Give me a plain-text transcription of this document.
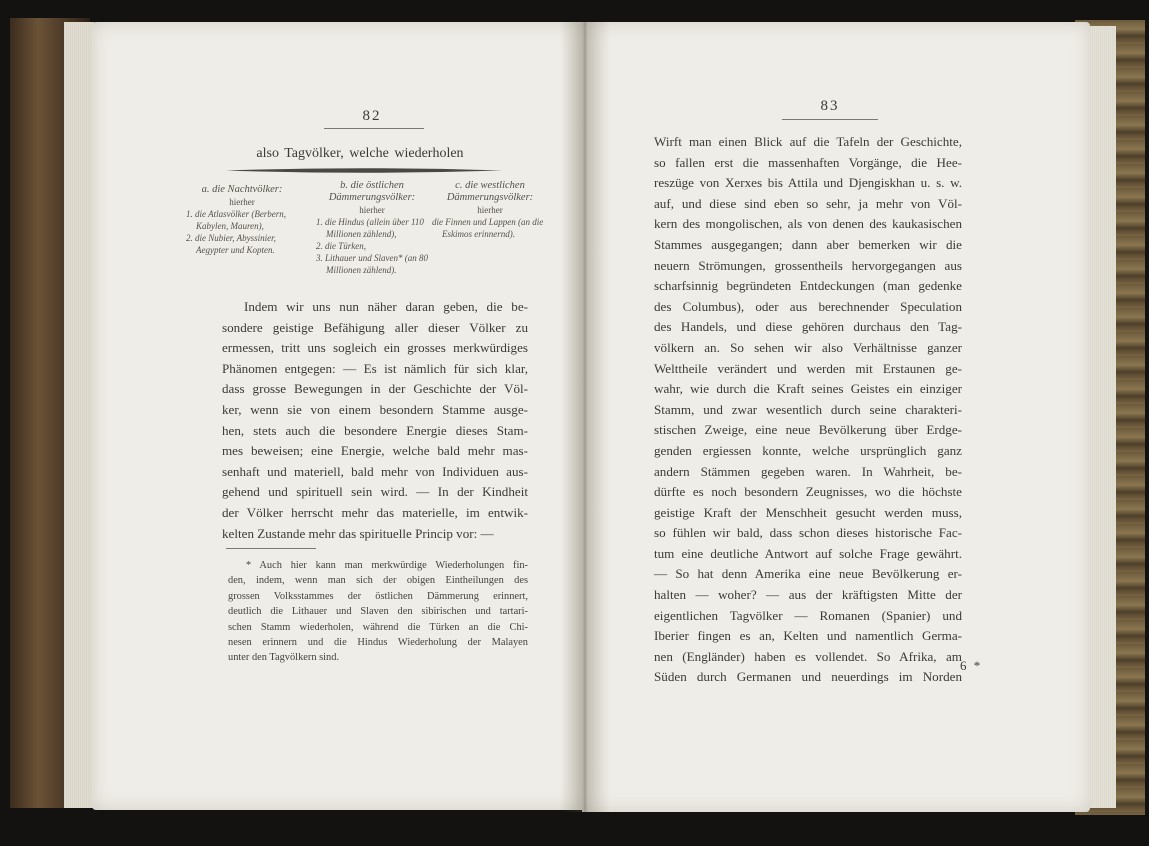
82
also Tagvölker, welche wiederholen
a. die Nachtvölker:
hierher
1. die Atlasvölker (Berbern, Kabylen, Mauren),
2. die Nubier, Abyssinier, Aegypter und Kopten.
b. die östlichen Dämmerungsvölker:
hierher
1. die Hindus (allein über 110 Millionen zählend),
2. die Türken,
3. Lithauer und Slaven* (an 80 Millionen zählend).
c. die westlichen Dämmerungsvölker:
hierher
die Finnen und Lappen (an die Eskimos erinnernd).
Indem wir uns nun näher daran geben, die be-
sondere geistige Befähigung aller dieser Völker zu
ermessen, tritt uns sogleich ein grosses merkwürdiges
Phänomen entgegen: — Es ist nämlich für sich klar,
dass grosse Bewegungen in der Geschichte der Völ-
ker, wenn sie von einem besondern Stamme ausge-
hen, stets auch die besondere Energie dieses Stam-
mes beweisen; eine Energie, welche bald mehr mas-
senhaft und materiell, bald mehr von Individuen aus-
gehend und spirituell sein wird. — In der Kindheit
der Völker herrscht mehr das materielle, im entwik-
kelten Zustande mehr das spirituelle Princip vor: —
* Auch hier kann man merkwürdige Wiederholungen fin-
den, indem, wenn man sich der obigen Eintheilungen des
grossen Volksstammes der östlichen Dämmerung erinnert,
deutlich die Lithauer und Slaven den sibirischen und tartari-
schen Stamm wiederholen, während die Türken an die Chi-
nesen erinnern und die Hindus Wiederholung der Malayen
unter den Tagvölkern sind.
83
Wirft man einen Blick auf die Tafeln der Geschichte,
so fallen erst die massenhaften Vorgänge, die Hee-
reszüge von Xerxes bis Attila und Djengiskhan u. s. w.
auf, und diese sind eben so sehr, ja mehr von Völ-
kern des mongolischen, als von denen des kaukasischen
Stammes ausgegangen; dann aber bemerken wir die
neuern Strömungen, grossentheils hervorgegangen aus
scharfsinnig begründeten Entdeckungen (man gedenke
des Columbus), oder aus berechnender Speculation
des Handels, und diese gehören durchaus den Tag-
völkern an. So sehen wir also Verhältnisse ganzer
Welttheile verändert und werden mit Erstaunen ge-
wahr, wie durch die Kraft seines Geistes ein einziger
Stamm, und zwar wesentlich durch seine charakteri-
stischen Zweige, eine neue Bevölkerung über Erdge-
genden ergiessen konnte, welche ursprünglich ganz
andern Stämmen gegeben waren. In Wahrheit, be-
dürfte es noch besondern Zeugnisses, wo die höchste
geistige Kraft der Menschheit gesucht werden muss,
so fühlen wir bald, dass schon dieses historische Fac-
tum eine deutliche Antwort auf solche Frage gewährt.
— So hat denn Amerika eine neue Bevölkerung er-
halten — woher? — aus der kräftigsten Mitte der
eigentlichen Tagvölker — Romanen (Spanier) und
Iberier fingen es an, Kelten und namentlich Germa-
nen (Engländer) haben es vollendet. So Afrika, am
Süden durch Germanen und neuerdings im Norden
6 *
